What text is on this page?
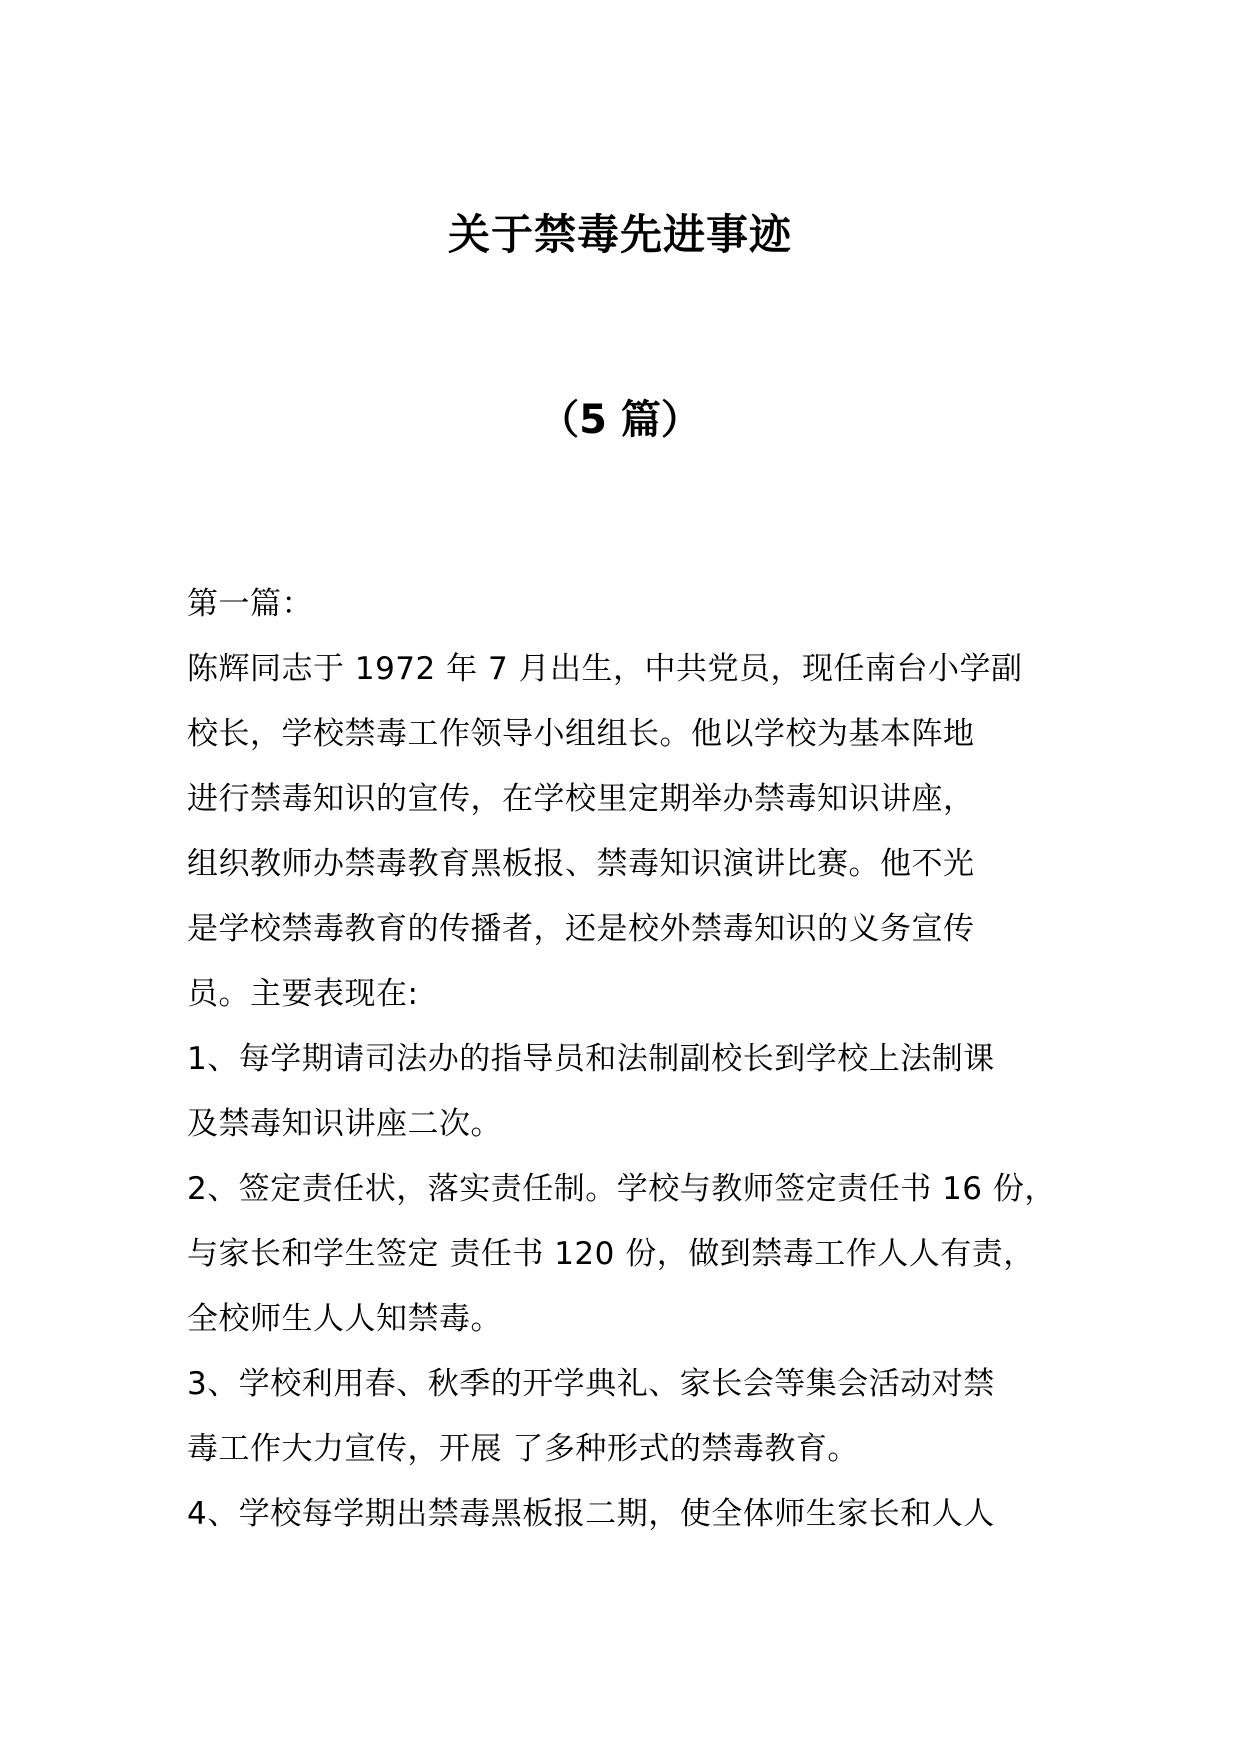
关于禁毒先进事迹
（5 篇）
第一篇：
陈辉同志于 1972 年 7 月出生，中共党员，现任南台小学副
校长，学校禁毒工作领导小组组长。他以学校为基本阵地
进行禁毒知识的宣传，在学校里定期举办禁毒知识讲座，
组织教师办禁毒教育黑板报、禁毒知识演讲比赛。他不光
是学校禁毒教育的传播者，还是校外禁毒知识的义务宣传
员。主要表现在:
1、每学期请司法办的指导员和法制副校长到学校上法制课
及禁毒知识讲座二次。
2、签定责任状，落实责任制。学校与教师签定责任书 16 份，
与家长和学生签定 责任书 120 份，做到禁毒工作人人有责，
全校师生人人知禁毒。
3、学校利用春、秋季的开学典礼、家长会等集会活动对禁
毒工作大力宣传，开展 了多种形式的禁毒教育。
4、学校每学期出禁毒黑板报二期，使全体师生家长和人人
